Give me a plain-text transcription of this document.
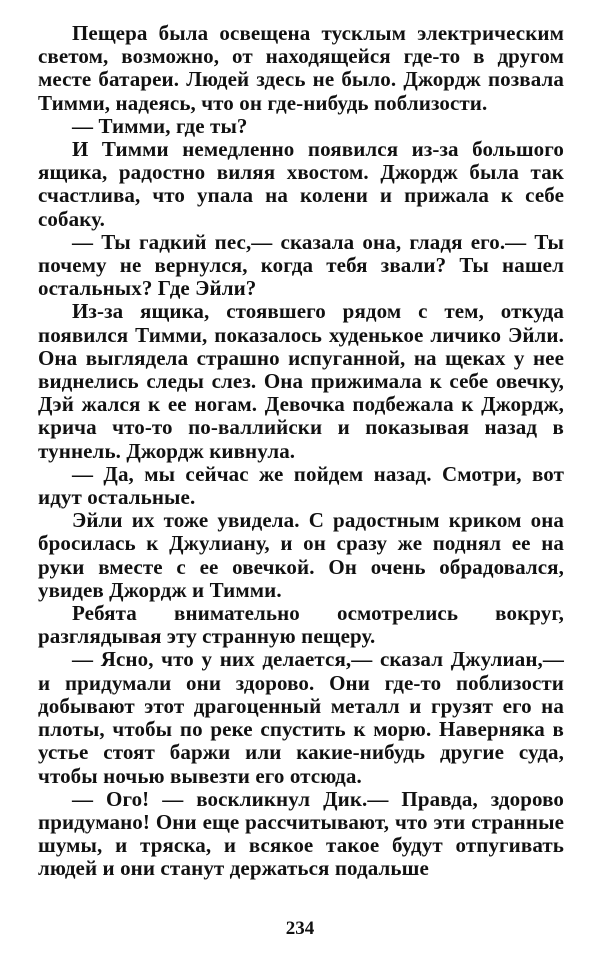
Пещера была освещена тусклым электрическим светом, возможно, от находящейся где-то в другом месте батареи. Людей здесь не было. Джордж позвала Тимми, надеясь, что он где-нибудь поблизости.

— Тимми, где ты?

И Тимми немедленно появился из-за большого ящика, радостно виляя хвостом. Джордж была так счастлива, что упала на колени и прижала к себе собаку.

— Ты гадкий пес,— сказала она, гладя его.— Ты почему не вернулся, когда тебя звали? Ты нашел остальных? Где Эйли?

Из-за ящика, стоявшего рядом с тем, откуда появился Тимми, показалось худенькое личико Эйли. Она выглядела страшно испуганной, на щеках у нее виднелись следы слез. Она прижимала к себе овечку, Дэй жался к ее ногам. Девочка подбежала к Джордж, крича что-то по-валлийски и показывая назад в туннель. Джордж кивнула.

— Да, мы сейчас же пойдем назад. Смотри, вот идут остальные.

Эйли их тоже увидела. С радостным криком она бросилась к Джулиану, и он сразу же поднял ее на руки вместе с ее овечкой. Он очень обрадовался, увидев Джордж и Тимми.

Ребята внимательно осмотрелись вокруг, разглядывая эту странную пещеру.

— Ясно, что у них делается,— сказал Джулиан,— и придумали они здорово. Они где-то поблизости добывают этот драгоценный металл и грузят его на плоты, чтобы по реке спустить к морю. Наверняка в устье стоят баржи или какие-нибудь другие суда, чтобы ночью вывезти его отсюда.

— Ого! — воскликнул Дик.— Правда, здорово придумано! Они еще рассчитывают, что эти странные шумы, и тряска, и всякое такое будут отпугивать людей и они станут держаться подальше

234
